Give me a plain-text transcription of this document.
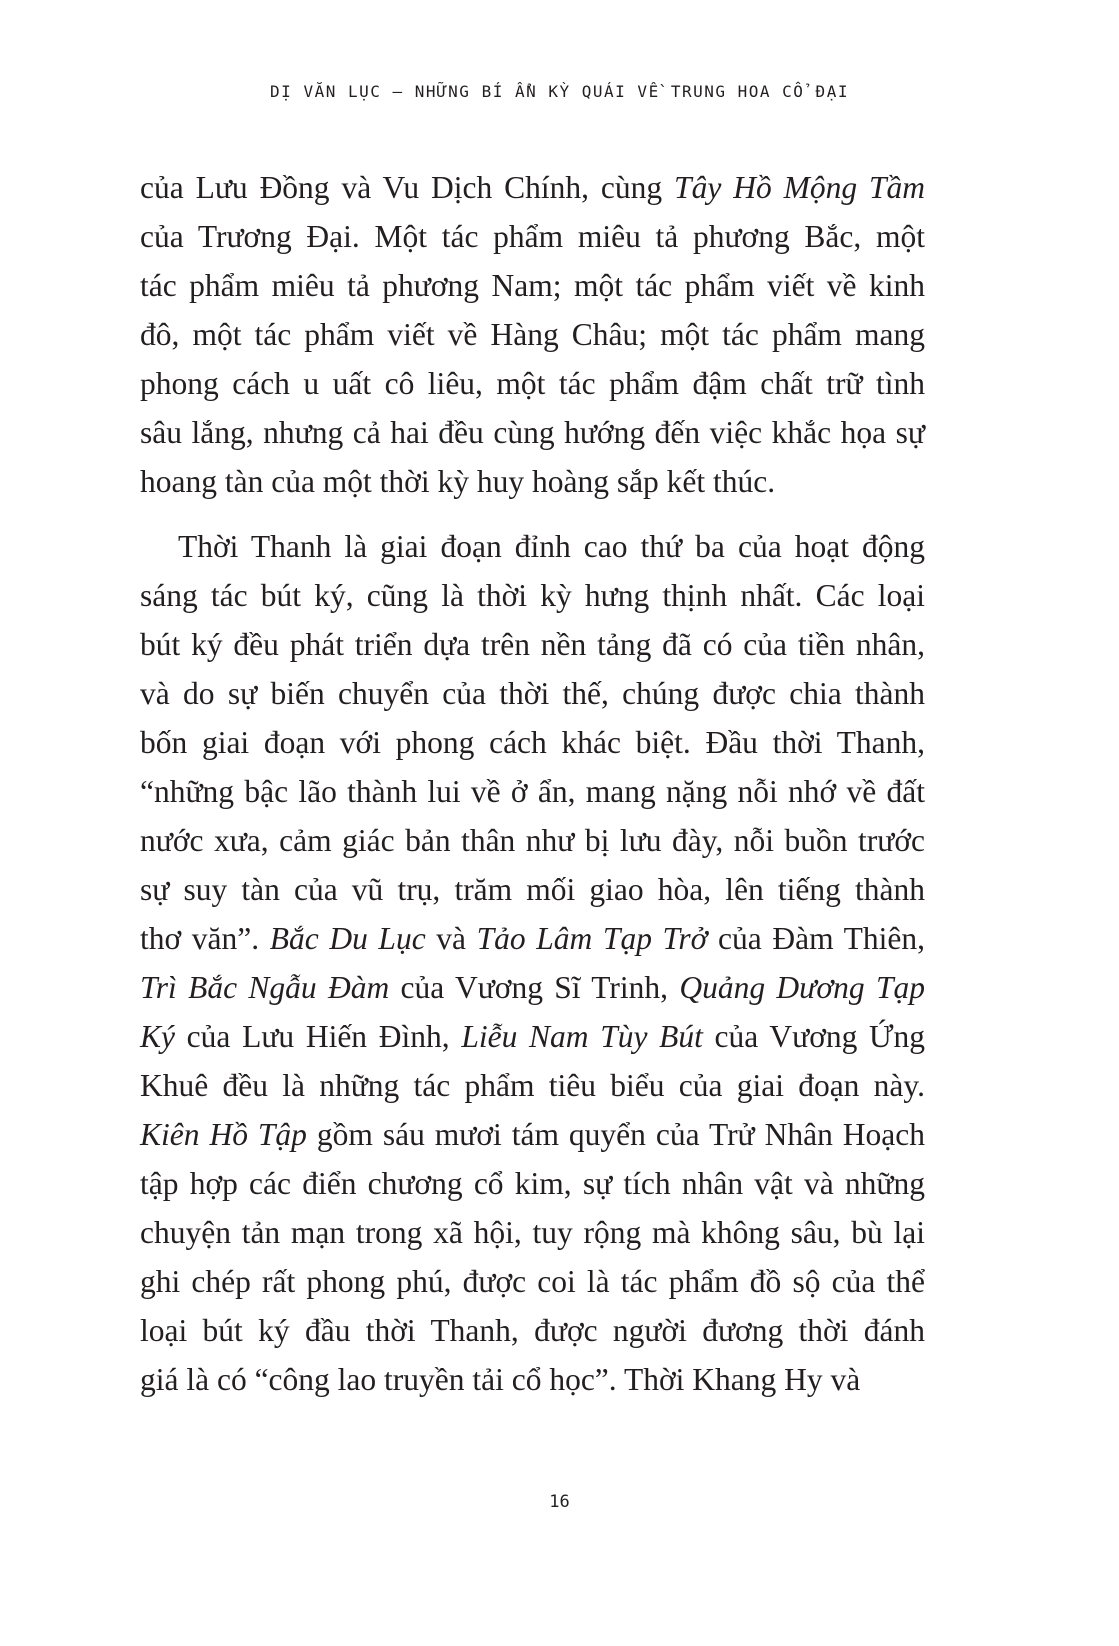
DỊ VĂN LỤC – NHỮNG BÍ ẨN KỲ QUÁI VỀ TRUNG HOA CỔ ĐẠI
của Lưu Đồng và Vu Dịch Chính, cùng Tây Hồ Mộng Tầm
của Trương Đại. Một tác phẩm miêu tả phương Bắc, một
tác phẩm miêu tả phương Nam; một tác phẩm viết về kinh
đô, một tác phẩm viết về Hàng Châu; một tác phẩm mang
phong cách u uất cô liêu, một tác phẩm đậm chất trữ tình
sâu lắng, nhưng cả hai đều cùng hướng đến việc khắc họa sự
hoang tàn của một thời kỳ huy hoàng sắp kết thúc.
Thời Thanh là giai đoạn đỉnh cao thứ ba của hoạt động
sáng tác bút ký, cũng là thời kỳ hưng thịnh nhất. Các loại
bút ký đều phát triển dựa trên nền tảng đã có của tiền nhân,
và do sự biến chuyển của thời thế, chúng được chia thành
bốn giai đoạn với phong cách khác biệt. Đầu thời Thanh,
“những bậc lão thành lui về ở ẩn, mang nặng nỗi nhớ về đất
nước xưa, cảm giác bản thân như bị lưu đày, nỗi buồn trước
sự suy tàn của vũ trụ, trăm mối giao hòa, lên tiếng thành
thơ văn”. Bắc Du Lục và Tảo Lâm Tạp Trở của Đàm Thiên,
Trì Bắc Ngẫu Đàm của Vương Sĩ Trinh, Quảng Dương Tạp
Ký của Lưu Hiến Đình, Liễu Nam Tùy Bút của Vương Ứng
Khuê đều là những tác phẩm tiêu biểu của giai đoạn này.
Kiên Hồ Tập gồm sáu mươi tám quyển của Trử Nhân Hoạch
tập hợp các điển chương cổ kim, sự tích nhân vật và những
chuyện tản mạn trong xã hội, tuy rộng mà không sâu, bù lại
ghi chép rất phong phú, được coi là tác phẩm đồ sộ của thể
loại bút ký đầu thời Thanh, được người đương thời đánh
giá là có “công lao truyền tải cổ học”. Thời Khang Hy và
16
